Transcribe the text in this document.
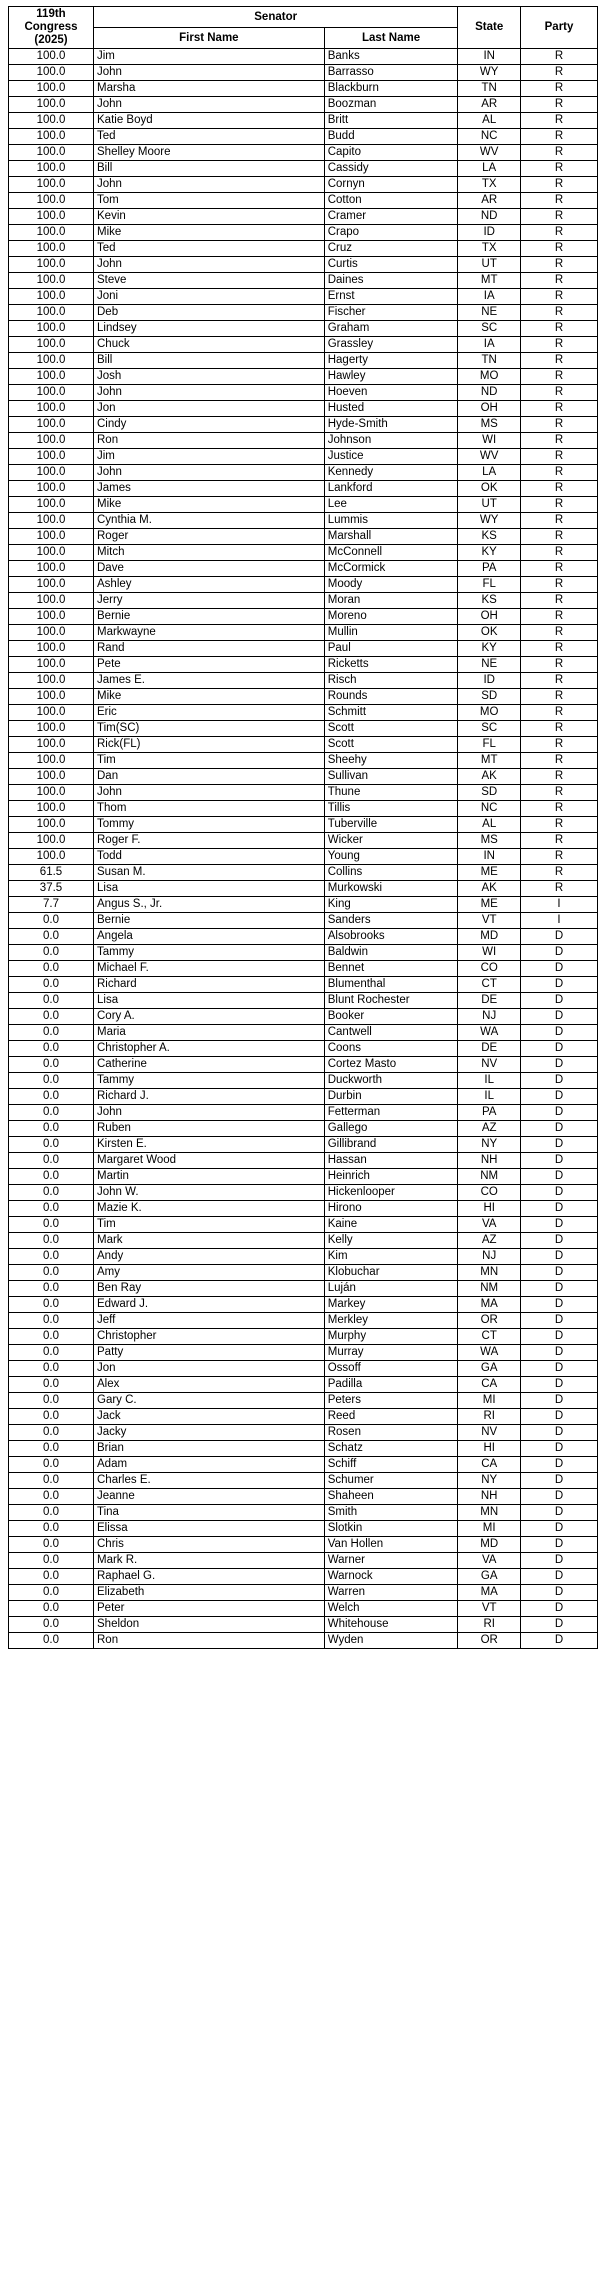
119th
Congress
(2025)	Senator		State	Party
	First Name	Last Name		
100.0	Jim	Banks	IN	R
100.0	John	Barrasso	WY	R
100.0	Marsha	Blackburn	TN	R
100.0	John	Boozman	AR	R
100.0	Katie Boyd	Britt	AL	R
100.0	Ted	Budd	NC	R
100.0	Shelley Moore	Capito	WV	R
100.0	Bill	Cassidy	LA	R
100.0	John	Cornyn	TX	R
100.0	Tom	Cotton	AR	R
100.0	Kevin	Cramer	ND	R
100.0	Mike	Crapo	ID	R
100.0	Ted	Cruz	TX	R
100.0	John	Curtis	UT	R
100.0	Steve	Daines	MT	R
100.0	Joni	Ernst	IA	R
100.0	Deb	Fischer	NE	R
100.0	Lindsey	Graham	SC	R
100.0	Chuck	Grassley	IA	R
100.0	Bill	Hagerty	TN	R
100.0	Josh	Hawley	MO	R
100.0	John	Hoeven	ND	R
100.0	Jon	Husted	OH	R
100.0	Cindy	Hyde-Smith	MS	R
100.0	Ron	Johnson	WI	R
100.0	Jim	Justice	WV	R
100.0	John	Kennedy	LA	R
100.0	James	Lankford	OK	R
100.0	Mike	Lee	UT	R
100.0	Cynthia M.	Lummis	WY	R
100.0	Roger	Marshall	KS	R
100.0	Mitch	McConnell	KY	R
100.0	Dave	McCormick	PA	R
100.0	Ashley	Moody	FL	R
100.0	Jerry	Moran	KS	R
100.0	Bernie	Moreno	OH	R
100.0	Markwayne	Mullin	OK	R
100.0	Rand	Paul	KY	R
100.0	Pete	Ricketts	NE	R
100.0	James E.	Risch	ID	R
100.0	Mike	Rounds	SD	R
100.0	Eric	Schmitt	MO	R
100.0	Tim(SC)	Scott	SC	R
100.0	Rick(FL)	Scott	FL	R
100.0	Tim	Sheehy	MT	R
100.0	Dan	Sullivan	AK	R
100.0	John	Thune	SD	R
100.0	Thom	Tillis	NC	R
100.0	Tommy	Tuberville	AL	R
100.0	Roger F.	Wicker	MS	R
100.0	Todd	Young	IN	R
61.5	Susan M.	Collins	ME	R
37.5	Lisa	Murkowski	AK	R
7.7	Angus S., Jr.	King	ME	I
0.0	Bernie	Sanders	VT	I
0.0	Angela	Alsobrooks	MD	D
0.0	Tammy	Baldwin	WI	D
0.0	Michael F.	Bennet	CO	D
0.0	Richard	Blumenthal	CT	D
0.0	Lisa	Blunt Rochester	DE	D
0.0	Cory A.	Booker	NJ	D
0.0	Maria	Cantwell	WA	D
0.0	Christopher A.	Coons	DE	D
0.0	Catherine	Cortez Masto	NV	D
0.0	Tammy	Duckworth	IL	D
0.0	Richard J.	Durbin	IL	D
0.0	John	Fetterman	PA	D
0.0	Ruben	Gallego	AZ	D
0.0	Kirsten E.	Gillibrand	NY	D
0.0	Margaret Wood	Hassan	NH	D
0.0	Martin	Heinrich	NM	D
0.0	John W.	Hickenlooper	CO	D
0.0	Mazie K.	Hirono	HI	D
0.0	Tim	Kaine	VA	D
0.0	Mark	Kelly	AZ	D
0.0	Andy	Kim	NJ	D
0.0	Amy	Klobuchar	MN	D
0.0	Ben Ray	Luján	NM	D
0.0	Edward J.	Markey	MA	D
0.0	Jeff	Merkley	OR	D
0.0	Christopher	Murphy	CT	D
0.0	Patty	Murray	WA	D
0.0	Jon	Ossoff	GA	D
0.0	Alex	Padilla	CA	D
0.0	Gary C.	Peters	MI	D
0.0	Jack	Reed	RI	D
0.0	Jacky	Rosen	NV	D
0.0	Brian	Schatz	HI	D
0.0	Adam	Schiff	CA	D
0.0	Charles E.	Schumer	NY	D
0.0	Jeanne	Shaheen	NH	D
0.0	Tina	Smith	MN	D
0.0	Elissa	Slotkin	MI	D
0.0	Chris	Van Hollen	MD	D
0.0	Mark R.	Warner	VA	D
0.0	Raphael G.	Warnock	GA	D
0.0	Elizabeth	Warren	MA	D
0.0	Peter	Welch	VT	D
0.0	Sheldon	Whitehouse	RI	D
0.0	Ron	Wyden	OR	D
